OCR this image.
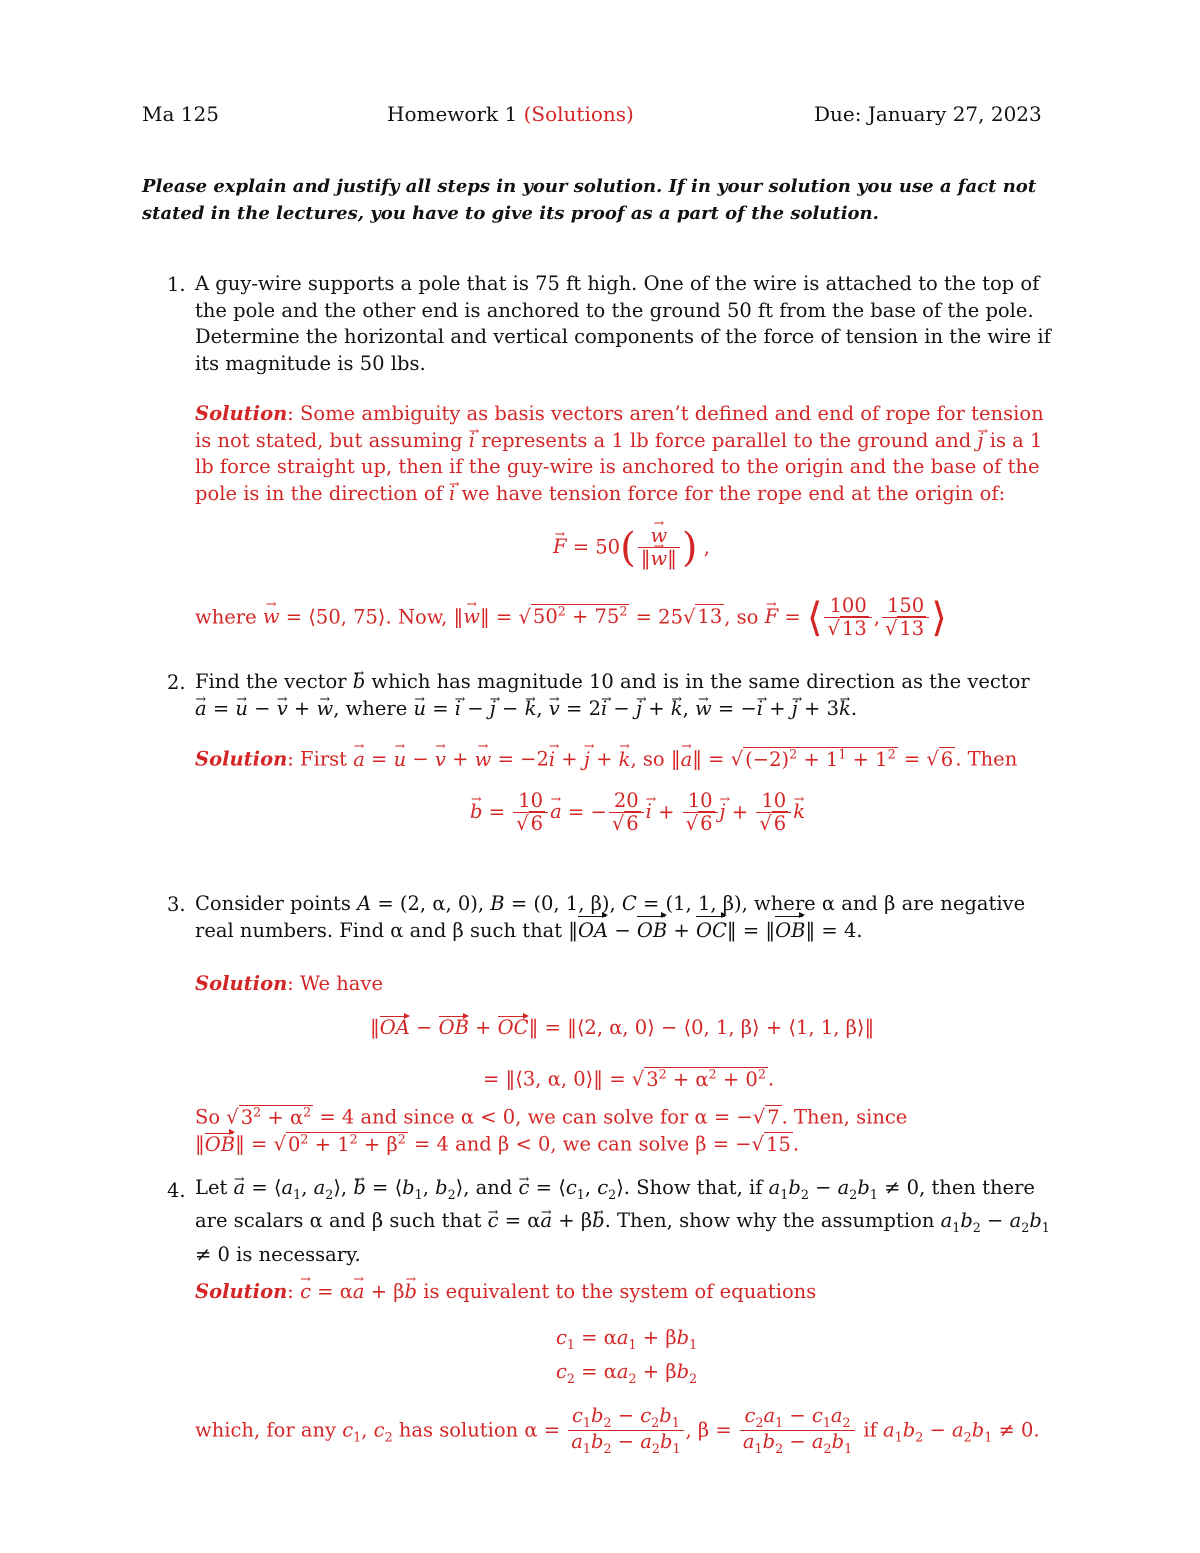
Ma 125	Homework 1 (Solutions)	Due: January 27, 2023
Please explain and justify all steps in your solution. If in your solution you use a fact not stated in the lectures, you have to give its proof as a part of the solution.
1. A guy-wire supports a pole that is 75 ft high. One of the wire is attached to the top of the pole and the other end is anchored to the ground 50 ft from the base of the pole. Determine the horizontal and vertical components of the force of tension in the wire if its magnitude is 50 lbs.
Solution: Some ambiguity as basis vectors aren’t defined and end of rope for tension is not stated, but assuming i → represents a 1 lb force parallel to the ground and j → is a 1 lb force straight up, then if the guy-wire is anchored to the origin and the base of the pole is in the direction of i → we have tension force for the rope end at the origin of:
F → = $50( \frac{w \to}{‖w \to‖}$ ) ,
where w → = ⟨50, 75⟩. Now, ‖w →‖ = √ $50^2 + 75^2 = 25√$ 13 , so F → = ⟨ $\frac{100}{√ 13}$ , $\frac{150}{√ 13}$ ⟩
2. Find the vector b → which has magnitude 10 and is in the same direction as the vector
a → = u → − v → + w →, where u → = i → − j → − k →, v → = 2i → − j → + k →, w → = −i → + j → + 3k →.
Solution: First a → = u → − v → + w → = −2i → + j → + k →, so ‖a →‖ = √ $(-2)^2 + 1^1 + 1^2$ = √ 6 . Then
b → = $\frac{10}{√ 6}$ a → = − $\frac{20}{√ 6}$ i → + $\frac{10}{√ 6}$ j → + $\frac{10}{√ 6}$ k →
3. Consider points A = (2, α, 0), B = (0, 1, β), C = (1, 1, β), where α and β are negative real numbers. Find α and β such that ‖OA − OB + OC‖ = ‖OB‖ = 4.
Solution: We have
‖OA − OB + OC‖ = ‖⟨2, α, 0⟩ − ⟨0, 1, β⟩ + ⟨1, 1, β⟩‖
= ‖⟨3, α, 0⟩‖ = √ $3^2 + \alpha^2 + 0^2$ .
So √ $3^2 + \alpha^2 = 4$ and since α < 0, we can solve for α = −√ 7 . Then, since
‖OB‖ = √ $0^2 + 1^2 + \beta^2 = 4$ and β < 0, we can solve β = −√ 15 .
4. Let a → = $⟨a_1$, $a_2⟩$, b → = $⟨b_1$, $b_2⟩$, and c → = $⟨c_1$, $c_2⟩$. Show that, if $a_1b_2 - a_2b_1 \ne 0$, then there are scalars α and β such that c → = αa → + βb →. Then, show why the assumption $a_1b_2 - a_2b_1 \ne 0$ is necessary.
Solution: c → = αa → + βb → is equivalent to the system of equations
$c_1 = \alpha a_1 + \beta b_1$
$c_2 = \alpha a_2 + \beta b_2$
which, for any $c_1$, $c_2$ has solution $\alpha = \frac{c_1b_2 - c_2b_1}{a_1b_2 - a_2b_1}$ , $\beta = \frac{c_2a_1 - c_1a_2}{a_1b_2 - a_2b_1}$ if $a_1b_2 - a_2b_1 \ne 0$.
